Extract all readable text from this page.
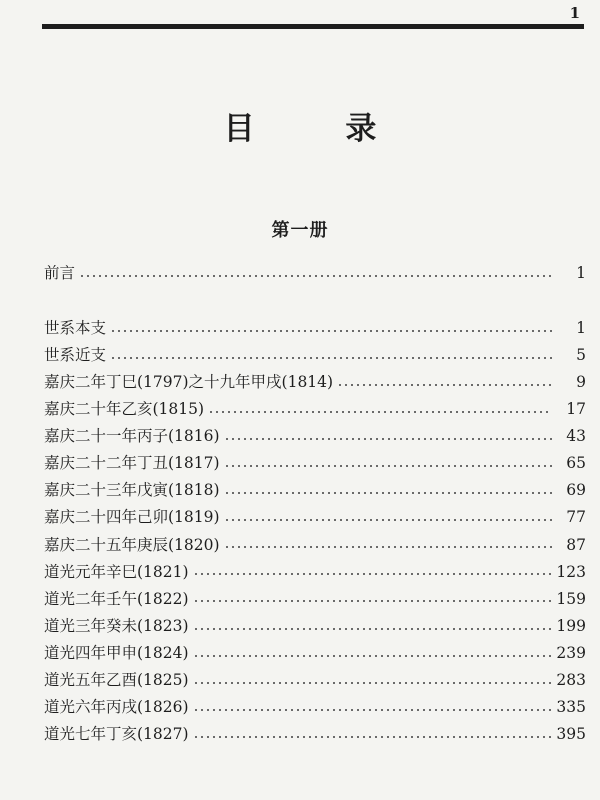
1
目 录
第一册
前言	1
世系本支	1
世系近支	5
嘉庆二年丁巳(1797)之十九年甲戌(1814)	9
嘉庆二十年乙亥(1815)	17
嘉庆二十一年丙子(1816)	43
嘉庆二十二年丁丑(1817)	65
嘉庆二十三年戊寅(1818)	69
嘉庆二十四年己卯(1819)	77
嘉庆二十五年庚辰(1820)	87
道光元年辛巳(1821)	123
道光二年壬午(1822)	159
道光三年癸未(1823)	199
道光四年甲申(1824)	239
道光五年乙酉(1825)	283
道光六年丙戌(1826)	335
道光七年丁亥(1827)	395
